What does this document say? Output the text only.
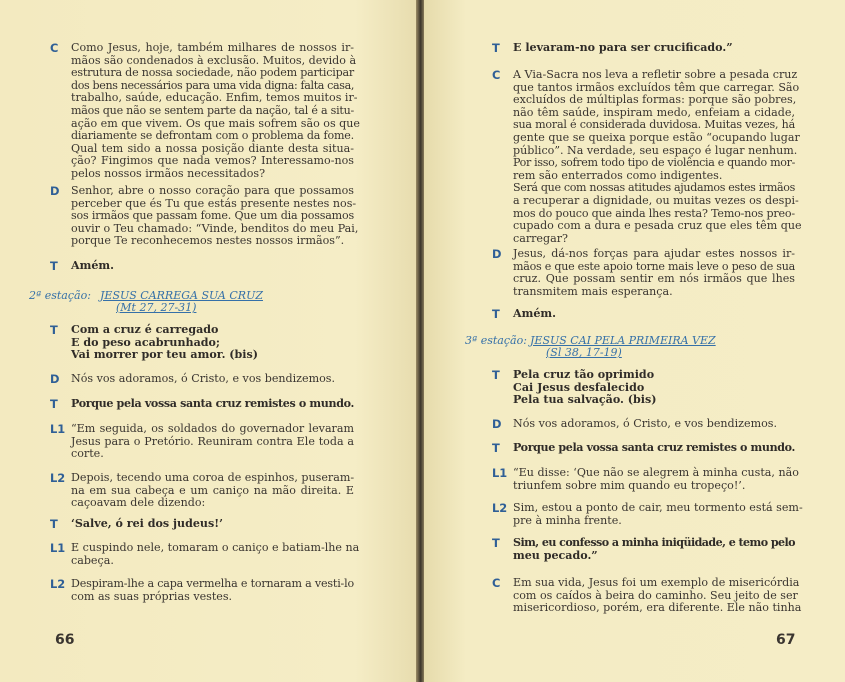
C Como Jesus, hoje, também milhares de nossos ir-
mãos são condenados à exclusão. Muitos, devido à
estrutura de nossa sociedade, não podem participar
dos bens necessários para uma vida digna: falta casa,
trabalho, saúde, educação. Enfim, temos muitos ir-
mãos que não se sentem parte da nação, tal é a situ-
ação em que vivem. Os que mais sofrem são os que
diariamente se defrontam com o problema da fome.
Qual tem sido a nossa posição diante desta situa-
ção? Fingimos que nada vemos? Interessamo-nos
pelos nossos irmãos necessitados?
D Senhor, abre o nosso coração para que possamos
perceber que és Tu que estás presente nestes nos-
sos irmãos que passam fome. Que um dia possamos
ouvir o Teu chamado: “Vinde, benditos do meu Pai,
porque Te reconhecemos nestes nossos irmãos”.
T Amém.
2ª estação: JESUS CARREGA SUA CRUZ
(Mt 27, 27-31)
T Com a cruz é carregado
E do peso acabrunhado;
Vai morrer por teu amor. (bis)
D Nós vos adoramos, ó Cristo, e vos bendizemos.
T Porque pela vossa santa cruz remistes o mundo.
L1 “Em seguida, os soldados do governador levaram
Jesus para o Pretório. Reuniram contra Ele toda a
corte.
L2 Depois, tecendo uma coroa de espinhos, puseram-
na em sua cabeça e um caniço na mão direita. E
caçoavam dele dizendo:
T ‘Salve, ó rei dos judeus!’
L1 E cuspindo nele, tomaram o caniço e batiam-lhe na
cabeça.
L2 Despiram-lhe a capa vermelha e tornaram a vesti-lo
com as suas próprias vestes.
66
T E levaram-no para ser crucificado.”
C A Via-Sacra nos leva a refletir sobre a pesada cruz
que tantos irmãos excluídos têm que carregar. São
excluídos de múltiplas formas: porque são pobres,
não têm saúde, inspiram medo, enfeiam a cidade,
sua moral é considerada duvidosa. Muitas vezes, há
gente que se queixa porque estão “ocupando lugar
público”. Na verdade, seu espaço é lugar nenhum.
Por isso, sofrem todo tipo de violência e quando mor-
rem são enterrados como indigentes.
Será que com nossas atitudes ajudamos estes irmãos
a recuperar a dignidade, ou muitas vezes os despi-
mos do pouco que ainda lhes resta? Temo-nos preo-
cupado com a dura e pesada cruz que eles têm que
carregar?
D Jesus, dá-nos forças para ajudar estes nossos ir-
mãos e que este apoio torne mais leve o peso de sua
cruz. Que possam sentir em nós irmãos que lhes
transmitem mais esperança.
T Amém.
3ª estação: JESUS CAI PELA PRIMEIRA VEZ
(Sl 38, 17-19)
T Pela cruz tão oprimido
Cai Jesus desfalecido
Pela tua salvação. (bis)
D Nós vos adoramos, ó Cristo, e vos bendizemos.
T Porque pela vossa santa cruz remistes o mundo.
L1 “Eu disse: ‘Que não se alegrem à minha custa, não
triunfem sobre mim quando eu tropeço!’.
L2 Sim, estou a ponto de cair, meu tormento está sem-
pre à minha frente.
T Sim, eu confesso a minha iniqüidade, e temo pelo
meu pecado.”
C Em sua vida, Jesus foi um exemplo de misericórdia
com os caídos à beira do caminho. Seu jeito de ser
misericordioso, porém, era diferente. Ele não tinha
67
